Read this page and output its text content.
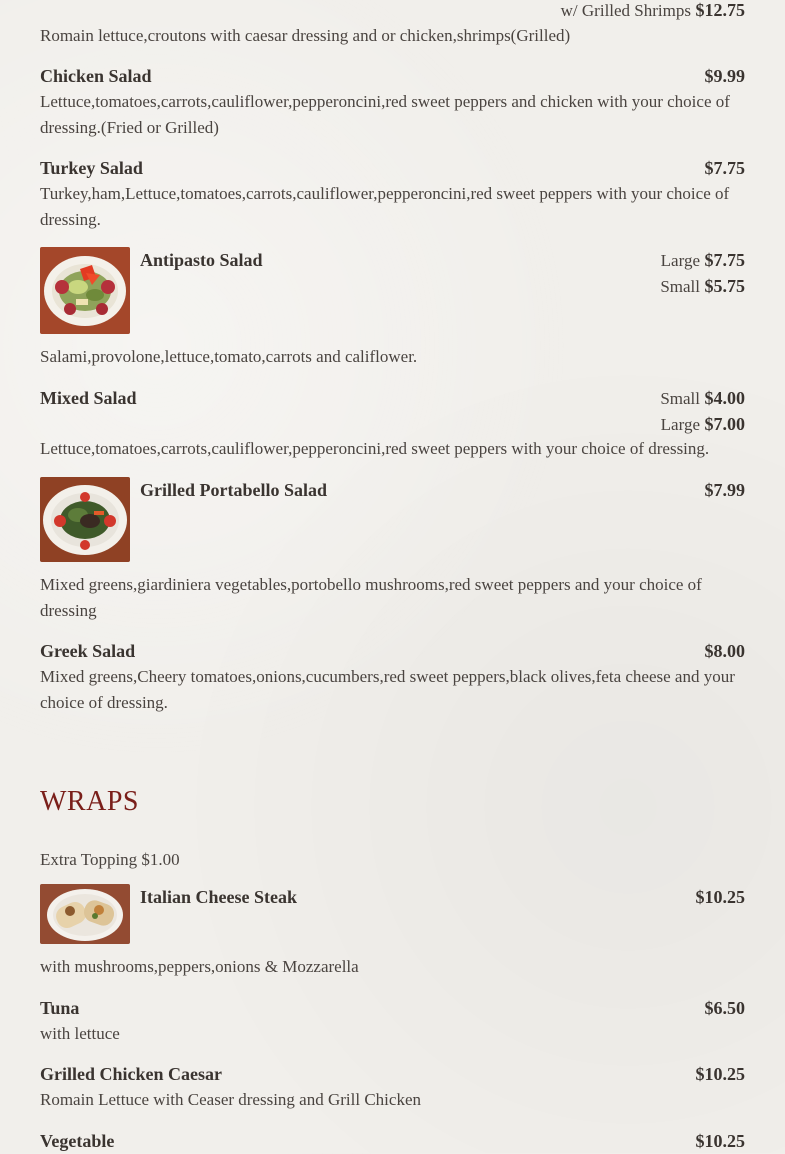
w/ Grilled Shrimps $12.75
Romain lettuce,croutons with caesar dressing and or chicken,shrimps(Grilled)
Chicken Salad	$9.99
Lettuce,tomatoes,carrots,cauliflower,pepperoncini,red sweet peppers and chicken with your choice of dressing.(Fried or Grilled)
Turkey Salad	$7.75
Turkey,ham,Lettuce,tomatoes,carrots,cauliflower,pepperoncini,red sweet peppers with your choice of dressing.
Antipasto Salad	Large $7.75
Small $5.75
Salami,provolone,lettuce,tomato,carrots and califlower.
Mixed Salad	Small $4.00
Large $7.00
Lettuce,tomatoes,carrots,cauliflower,pepperoncini,red sweet peppers with your choice of dressing.
Grilled Portabello Salad	$7.99
Mixed greens,giardiniera vegetables,portobello mushrooms,red sweet peppers and your choice of dressing
Greek Salad	$8.00
Mixed greens,Cheery tomatoes,onions,cucumbers,red sweet peppers,black olives,feta cheese and your choice of dressing.
WRAPS
Extra Topping $1.00
Italian Cheese Steak	$10.25
with mushrooms,peppers,onions & Mozzarella
Tuna	$6.50
with lettuce
Grilled Chicken Caesar	$10.25
Romain Lettuce with Ceaser dressing and Grill Chicken
Vegetable	$10.25
